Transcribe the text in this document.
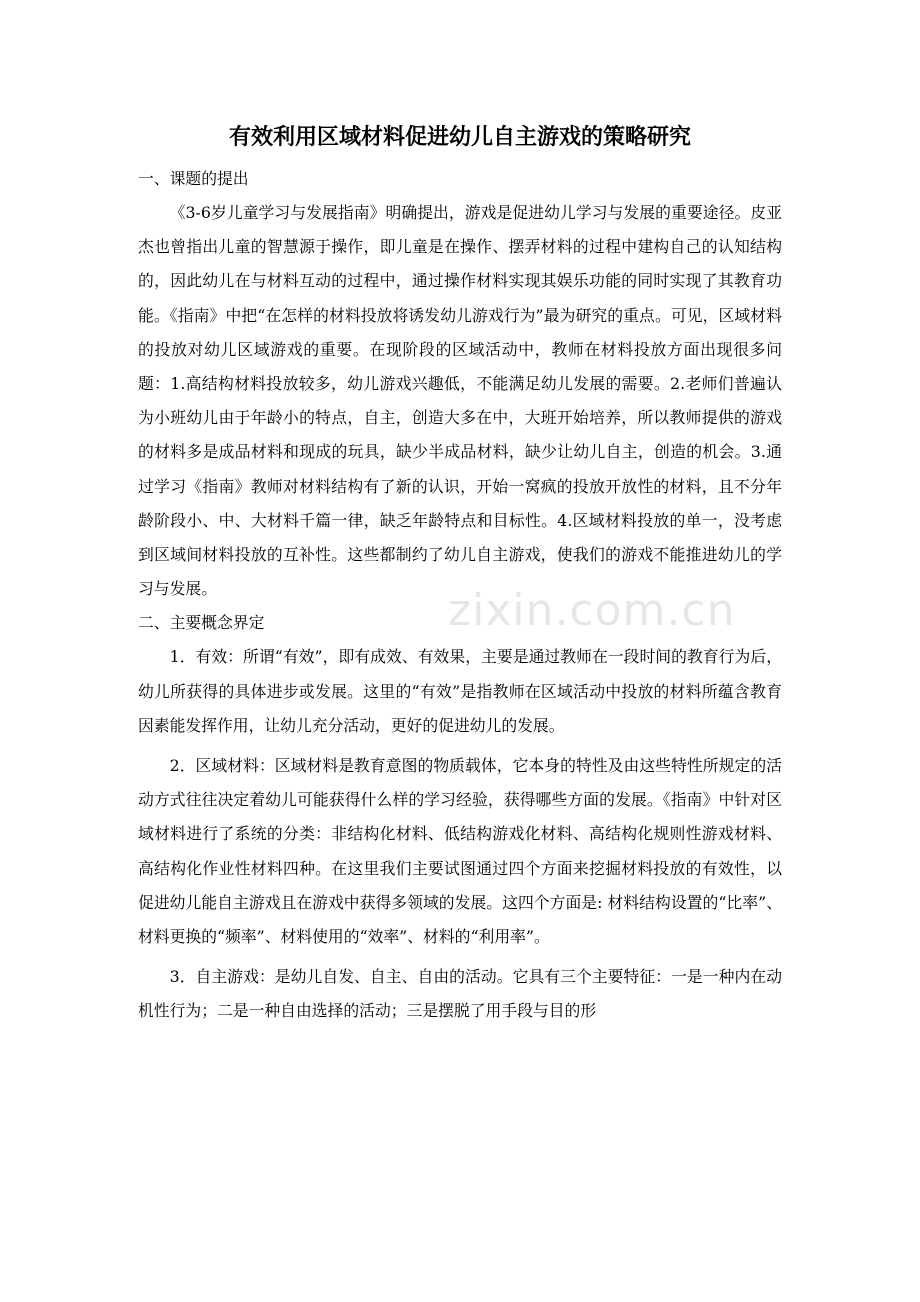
有效利用区域材料促进幼儿自主游戏的策略研究

一、课题的提出

《3-6岁儿童学习与发展指南》明确提出，游戏是促进幼儿学习与发展的重要途径。皮亚杰也曾指出儿童的智慧源于操作，即儿童是在操作、摆弄材料的过程中建构自己的认知结构的，因此幼儿在与材料互动的过程中，通过操作材料实现其娱乐功能的同时实现了其教育功能。《指南》中把“在怎样的材料投放将诱发幼儿游戏行为”最为研究的重点。可见，区域材料的投放对幼儿区域游戏的重要。在现阶段的区域活动中，教师在材料投放方面出现很多问题：1.高结构材料投放较多，幼儿游戏兴趣低，不能满足幼儿发展的需要。2.老师们普遍认为小班幼儿由于年龄小的特点，自主，创造大多在中，大班开始培养，所以教师提供的游戏的材料多是成品材料和现成的玩具，缺少半成品材料，缺少让幼儿自主，创造的机会。3.通过学习《指南》教师对材料结构有了新的认识，开始一窝疯的投放开放性的材料，且不分年龄阶段小、中、大材料千篇一律，缺乏年龄特点和目标性。4.区域材料投放的单一，没考虑到区域间材料投放的互补性。这些都制约了幼儿自主游戏，使我们的游戏不能推进幼儿的学习与发展。

二、主要概念界定

1．有效：所谓“有效”，即有成效、有效果，主要是通过教师在一段时间的教育行为后，幼儿所获得的具体进步或发展。这里的“有效”是指教师在区域活动中投放的材料所蕴含教育因素能发挥作用，让幼儿充分活动，更好的促进幼儿的发展。

2．区域材料：区域材料是教育意图的物质载体，它本身的特性及由这些特性所规定的活动方式往往决定着幼儿可能获得什么样的学习经验，获得哪些方面的发展。《指南》中针对区域材料进行了系统的分类：非结构化材料、低结构游戏化材料、高结构化规则性游戏材料、高结构化作业性材料四种。在这里我们主要试图通过四个方面来挖掘材料投放的有效性，以促进幼儿能自主游戏且在游戏中获得多领域的发展。这四个方面是: 材料结构设置的“比率”、材料更换的“频率”、材料使用的“效率”、材料的“利用率”。

3．自主游戏：是幼儿自发、自主、自由的活动。它具有三个主要特征：一是一种内在动机性行为；二是一种自由选择的活动；三是摆脱了用手段与目的形

zixin.com.cn
